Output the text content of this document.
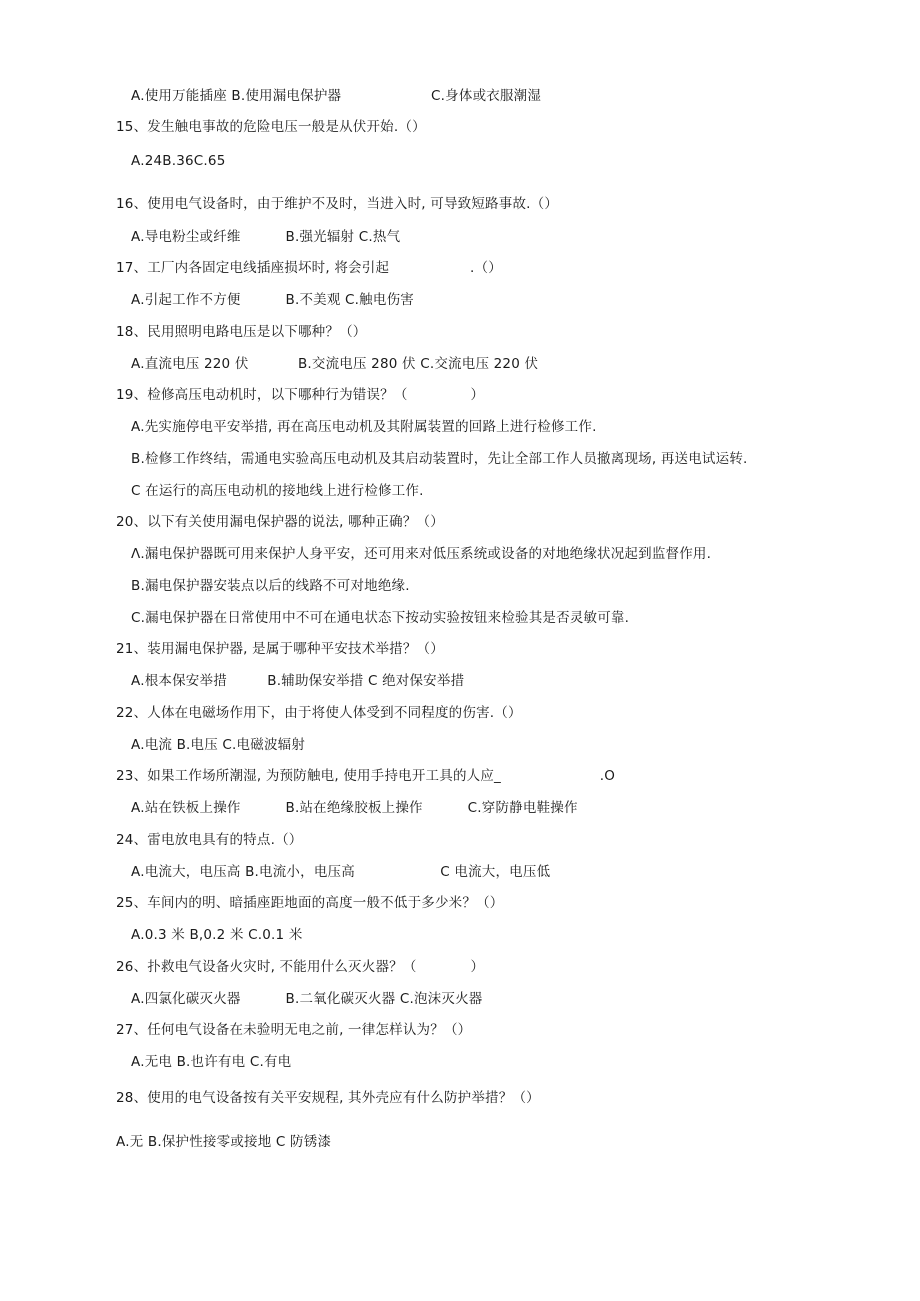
A.使用万能插座 B.使用漏电保护器                    C.身体或衣服潮湿
15、发生触电事故的危险电压一般是从伏开始.（）
A.24B.36C.65
16、使用电气设备时，由于维护不及时，当进入时, 可导致短路事故.（）
A.导电粉尘或纤维          B.强光辐射 C.热气
17、工厂内各固定电线插座损坏时, 将会引起                  .（）
A.引起工作不方便          B.不美观 C.触电伤害
18、民用照明电路电压是以下哪种？（）
A.直流电压 220 伏           B.交流电压 280 伏 C.交流电压 220 伏
19、检修高压电动机时，以下哪种行为错误？（              ）
A.先实施停电平安举措, 再在高压电动机及其附属装置的回路上进行检修工作.
B.检修工作终结，需通电实验高压电动机及其启动装置时，先让全部工作人员撤离现场, 再送电试运转.
C 在运行的高压电动机的接地线上进行检修工作.
20、以下有关使用漏电保护器的说法, 哪种正确？（）
Λ.漏电保护器既可用来保护人身平安，还可用来对低压系统或设备的对地绝缘状况起到监督作用.
B.漏电保护器安装点以后的线路不可对地绝缘.
C.漏电保护器在日常使用中不可在通电状态下按动实验按钮来检验其是否灵敏可靠.
21、装用漏电保护器, 是属于哪种平安技术举措？（）
A.根本保安举措         B.辅助保安举措 C 绝对保安举措
22、人体在电磁场作用下，由于将使人体受到不同程度的伤害.（）
A.电流 B.电压 C.电磁波辐射
23、如果工作场所潮湿, 为预防触电, 使用手持电开工具的人应_                      .O
A.站在铁板上操作          B.站在绝缘胶板上操作          C.穿防静电鞋操作
24、雷电放电具有的特点.（）
A.电流大，电压高 B.电流小，电压高                   C 电流大，电压低
25、车间内的明、暗插座距地面的高度一般不低于多少米？（）
A.0.3 米 B,0.2 米 C.0.1 米
26、扑救电气设备火灾时, 不能用什么灭火器？（            ）
A.四氯化碳灭火器          B.二氧化碳灭火器 C.泡沫灭火器
27、任何电气设备在未验明无电之前, 一律怎样认为？（）
A.无电 B.也许有电 C.有电
28、使用的电气设备按有关平安规程, 其外壳应有什么防护举措？（）
A.无 B.保护性接零或接地 C 防锈漆
